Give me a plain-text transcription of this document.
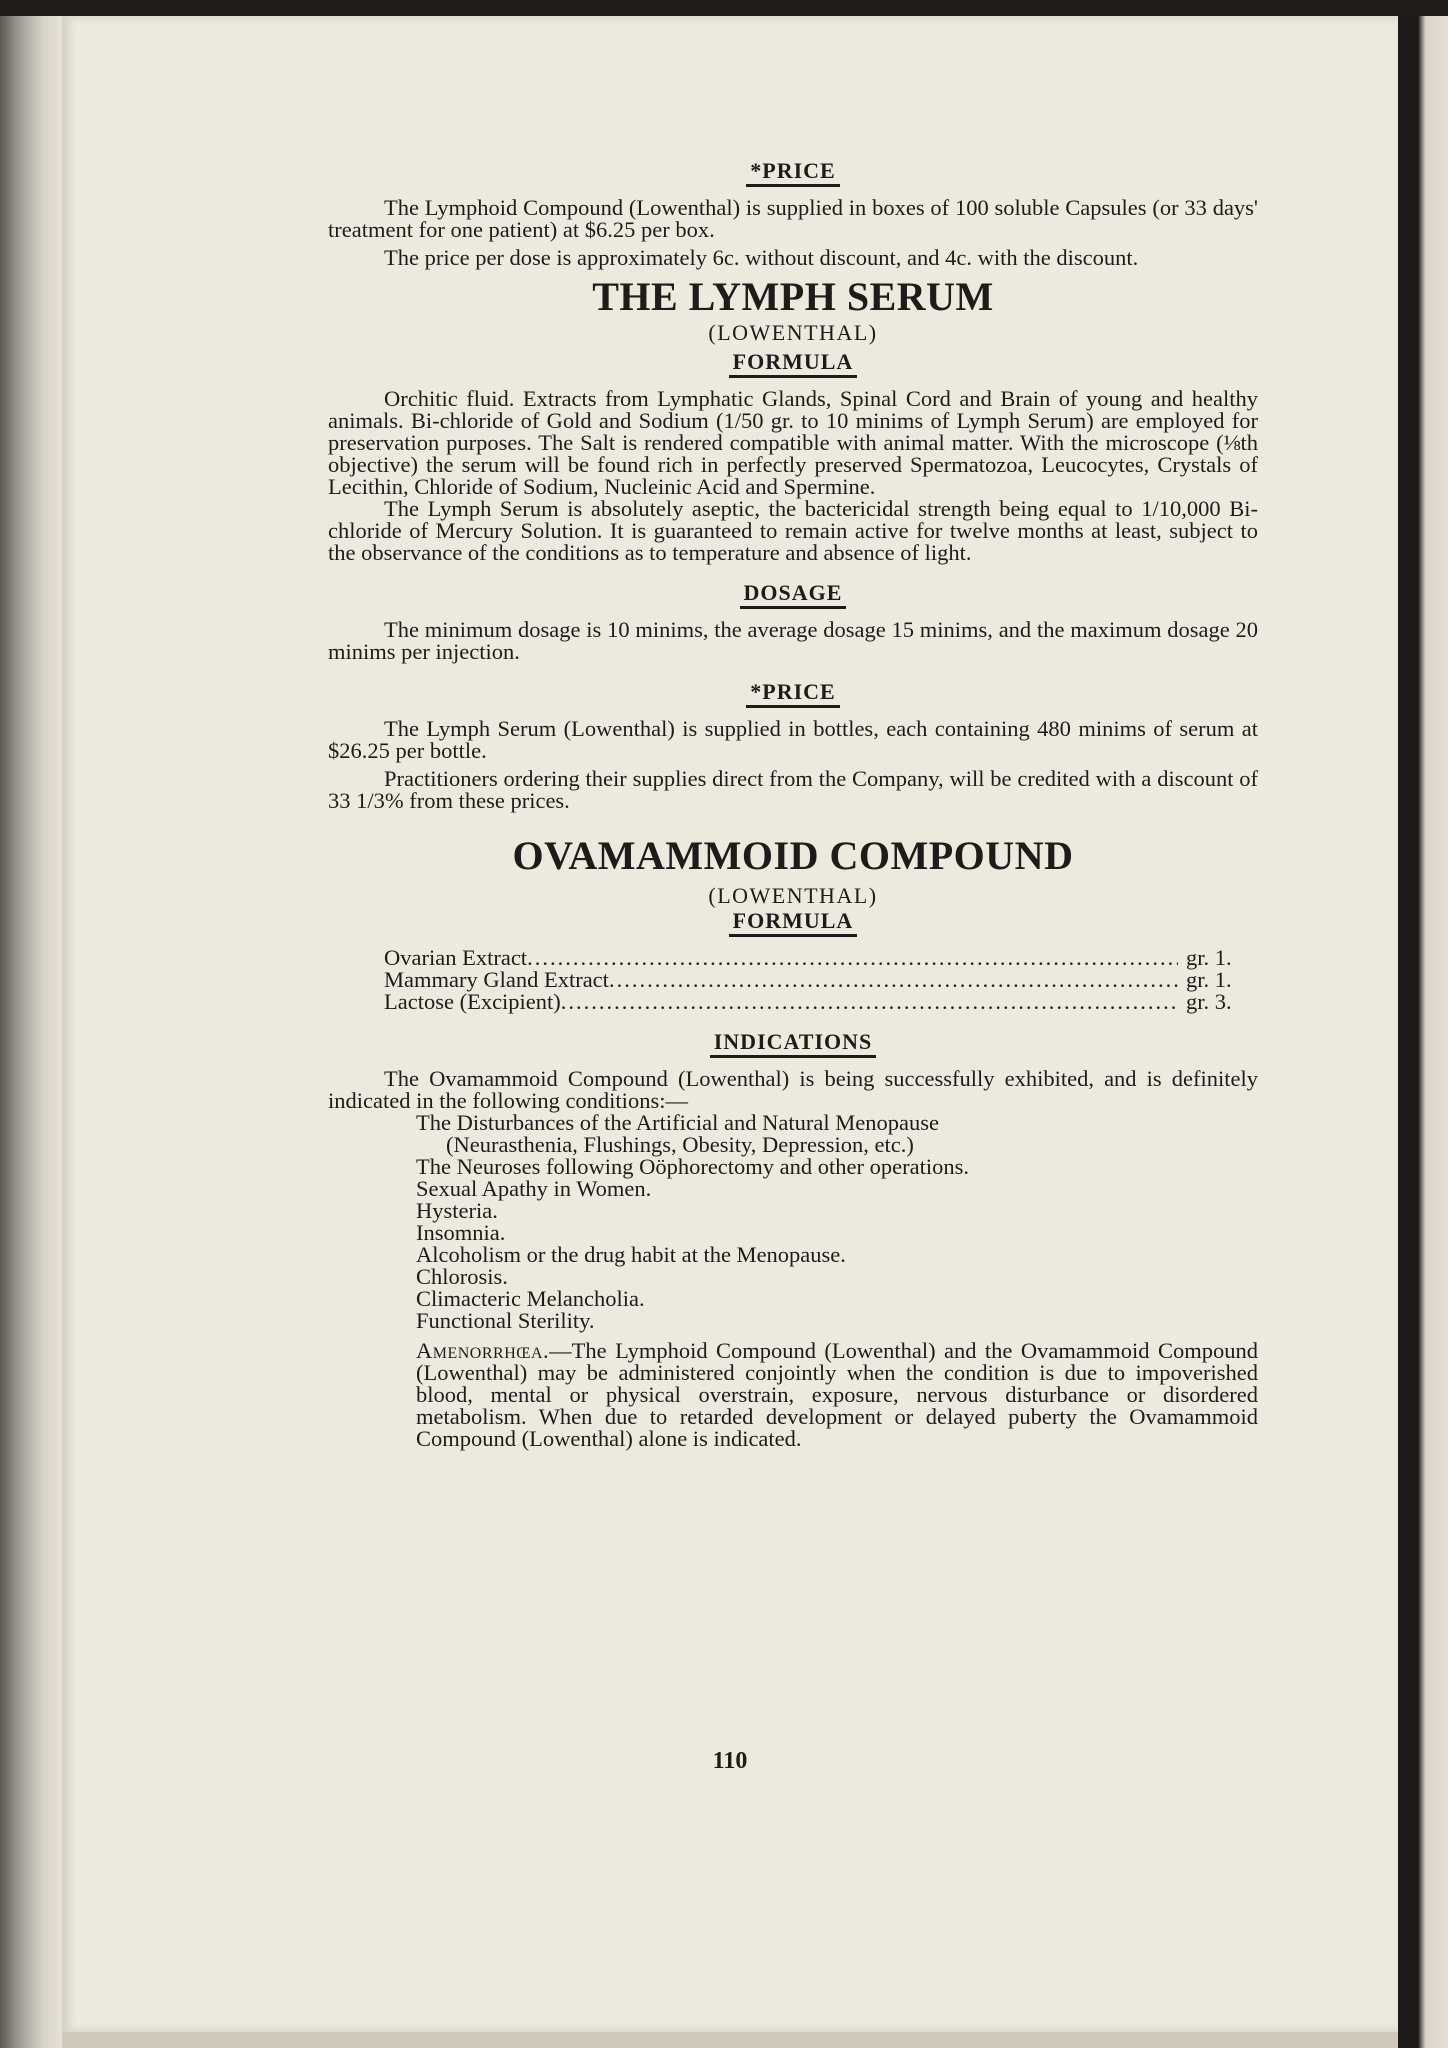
110
*PRICE

The Lymphoid Compound (Lowenthal) is supplied in boxes of 100 soluble Capsules (or 33 days' treatment for one patient) at $6.25 per box.

The price per dose is approximately 6c. without discount, and 4c. with the discount.

THE LYMPH SERUM
(LOWENTHAL)
FORMULA

Orchitic fluid. Extracts from Lymphatic Glands, Spinal Cord and Brain of young and healthy animals. Bi-chloride of Gold and Sodium (1/50 gr. to 10 minims of Lymph Serum) are employed for preservation purposes. The Salt is rendered compatible with animal matter. With the microscope (⅛th objective) the serum will be found rich in perfectly preserved Spermatozoa, Leucocytes, Crystals of Lecithin, Chloride of Sodium, Nucleinic Acid and Spermine.

The Lymph Serum is absolutely aseptic, the bactericidal strength being equal to 1/10,000 Bi-chloride of Mercury Solution. It is guaranteed to remain active for twelve months at least, subject to the observance of the conditions as to temperature and absence of light.

DOSAGE

The minimum dosage is 10 minims, the average dosage 15 minims, and the maximum dosage 20 minims per injection.

*PRICE

The Lymph Serum (Lowenthal) is supplied in bottles, each containing 480 minims of serum at $26.25 per bottle.

Practitioners ordering their supplies direct from the Company, will be credited with a discount of 33 1/3% from these prices.

OVAMAMMOID COMPOUND
(LOWENTHAL)
FORMULA
Ovarian Extract .....	gr. 1.
Mammary Gland Extract .....	gr. 1.
Lactose (Excipient) .....	gr. 3.
INDICATIONS

The Ovamammoid Compound (Lowenthal) is being successfully exhibited, and is definitely indicated in the following conditions:—

The Disturbances of the Artificial and Natural Menopause

(Neurasthenia, Flushings, Obesity, Depression, etc.)

The Neuroses following Oöphorectomy and other operations.

Sexual Apathy in Women.

Hysteria.

Insomnia.

Alcoholism or the drug habit at the Menopause.

Chlorosis.

Climacteric Melancholia.

Functional Sterility.

Amenorrhœa.—The Lymphoid Compound (Lowenthal) and the Ovamammoid Compound (Lowenthal) may be administered conjointly when the condition is due to impoverished blood, mental or physical overstrain, exposure, nervous disturbance or disordered metabolism. When due to retarded development or delayed puberty the Ovamammoid Compound (Lowenthal) alone is indicated.
